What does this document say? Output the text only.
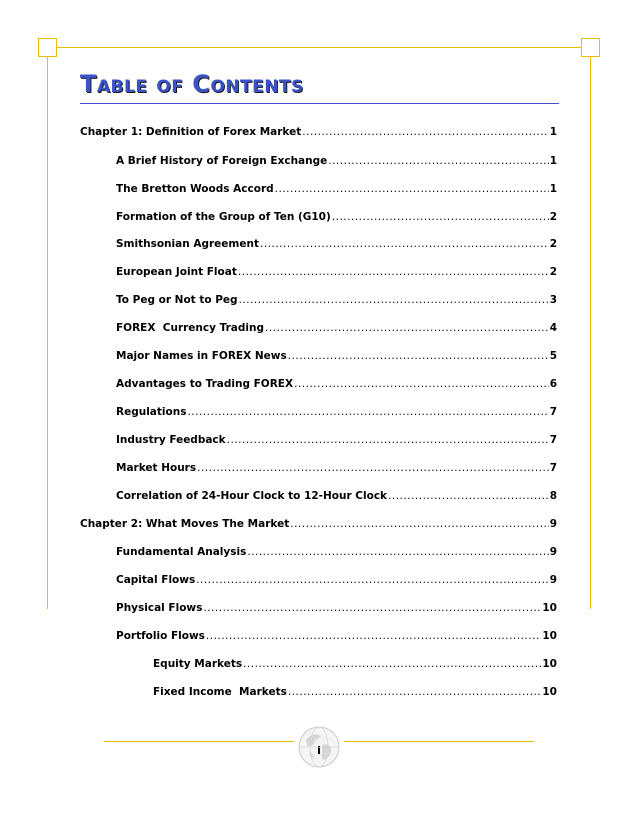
Table of Contents
Chapter 1: Definition of Forex Market .....	1
A Brief History of Foreign Exchange .....	1
The Bretton Woods Accord .....	1
Formation of the Group of Ten (G10) .....	2
Smithsonian Agreement .....	2
European Joint Float .....	2
To Peg or Not to Peg .....	3
FOREX  Currency Trading .....	4
Major Names in FOREX News .....	5
Advantages to Trading FOREX .....	6
Regulations .....	7
Industry Feedback .....	7
Market Hours .....	7
Correlation of 24-Hour Clock to 12-Hour Clock .....	8
Chapter 2: What Moves The Market .....	9
Fundamental Analysis .....	9
Capital Flows .....	9
Physical Flows .....	10
Portfolio Flows .....	10
Equity Markets .....	10
Fixed Income  Markets .....	10
i
